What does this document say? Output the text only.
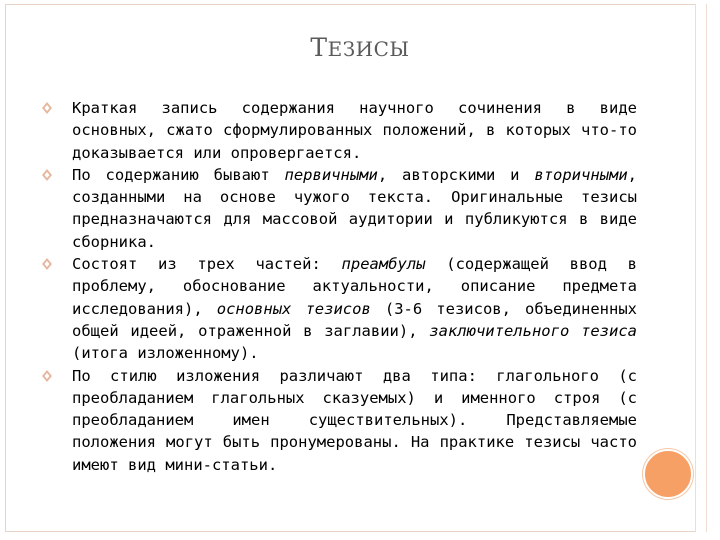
ТЕЗИСЫ
Краткая запись содержания научного сочинения в виде основных, сжато сформулированных положений, в которых что-то доказывается или опровергается.
По содержанию бывают первичными, авторскими и вторичными, созданными на основе чужого текста. Оригинальные тезисы предназначаются для массовой аудитории и публикуются в виде сборника.
Состоят из трех частей: преамбулы (содержащей ввод в проблему, обоснование актуальности, описание предмета исследования), основных тезисов (3-6 тезисов, объединенных общей идеей, отраженной в заглавии), заключительного тезиса (итога изложенному).
По стилю изложения различают два типа: глагольного (с преобладанием глагольных сказуемых) и именного строя (с преобладанием имен существительных). Представляемые положения могут быть пронумерованы. На практике тезисы часто имеют вид мини-статьи.
